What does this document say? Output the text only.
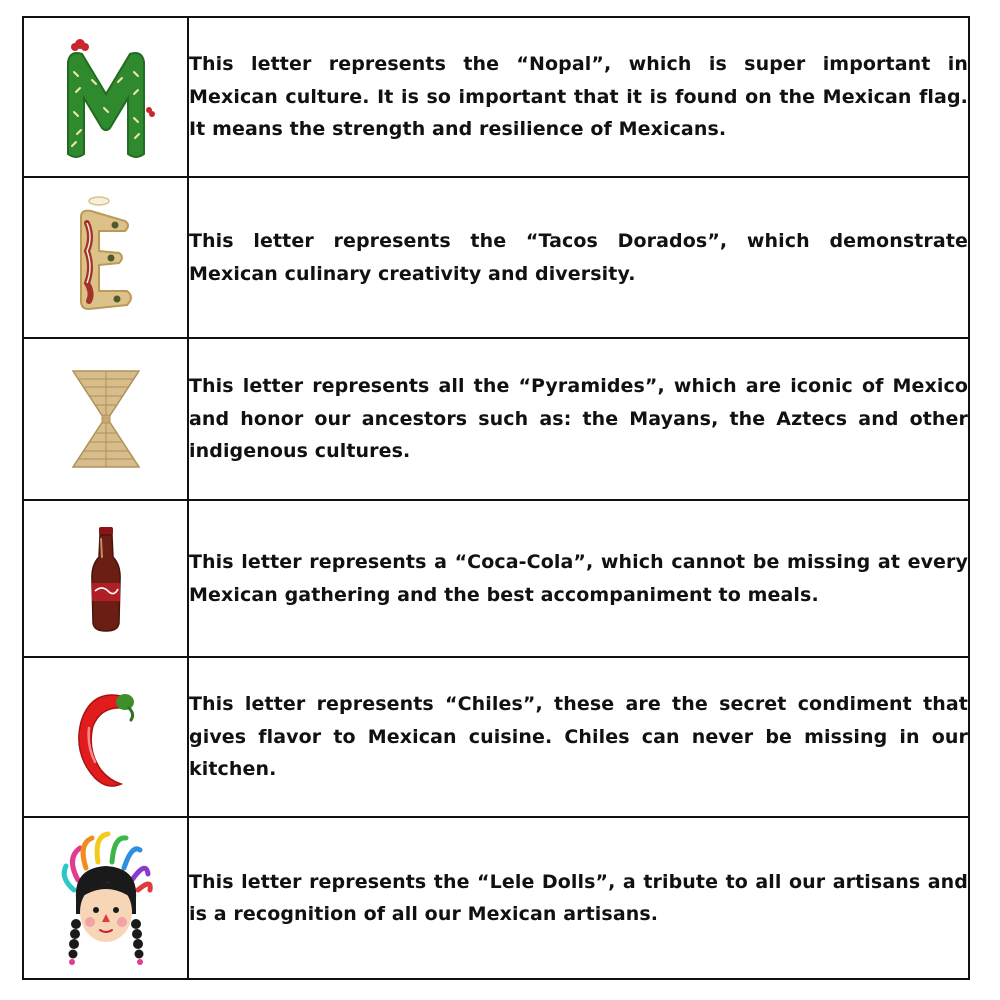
This letter represents the “Nopal”, which is super important in Mexican culture. It is so important that it is found on the Mexican flag. It means the strength and resilience of Mexicans.

This letter represents the “Tacos Dorados”, which demonstrate Mexican culinary creativity and diversity.

This letter represents all the “Pyramides”, which are iconic of Mexico and honor our ancestors such as: the Mayans, the Aztecs and other indigenous cultures.

This letter represents a “Coca-Cola”, which cannot be missing at every Mexican gathering and the best accompaniment to meals.

This letter represents “Chiles”, these are the secret condiment that gives flavor to Mexican cuisine. Chiles can never be missing in our kitchen.

This letter represents the “Lele Dolls”, a tribute to all our artisans and is a recognition of all our Mexican artisans.
